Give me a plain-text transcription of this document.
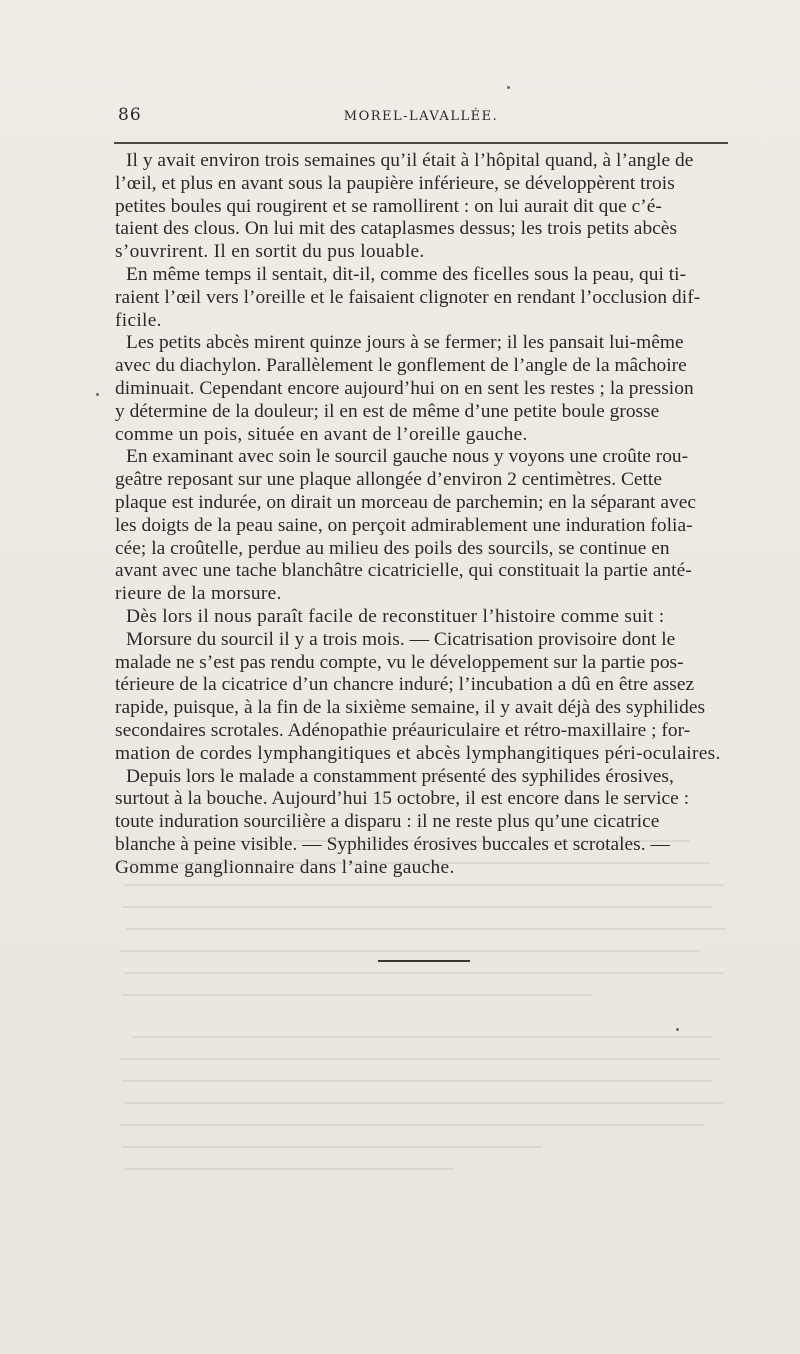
86	MOREL-LAVALLÉE.
Il y avait environ trois semaines qu’il était à l’hôpital quand, à l’angle de
l’œil, et plus en avant sous la paupière inférieure, se développèrent trois
petites boules qui rougirent et se ramollirent : on lui aurait dit que c’é-
taient des clous. On lui mit des cataplasmes dessus; les trois petits abcès
s’ouvrirent. Il en sortit du pus louable.
En même temps il sentait, dit-il, comme des ficelles sous la peau, qui ti-
raient l’œil vers l’oreille et le faisaient clignoter en rendant l’occlusion dif-
ficile.
Les petits abcès mirent quinze jours à se fermer; il les pansait lui-même
avec du diachylon. Parallèlement le gonflement de l’angle de la mâchoire
diminuait. Cependant encore aujourd’hui on en sent les restes ; la pression
y détermine de la douleur; il en est de même d’une petite boule grosse
comme un pois, située en avant de l’oreille gauche.
En examinant avec soin le sourcil gauche nous y voyons une croûte rou-
geâtre reposant sur une plaque allongée d’environ 2 centimètres. Cette
plaque est indurée, on dirait un morceau de parchemin; en la séparant avec
les doigts de la peau saine, on perçoit admirablement une induration folia-
cée; la croûtelle, perdue au milieu des poils des sourcils, se continue en
avant avec une tache blanchâtre cicatricielle, qui constituait la partie anté-
rieure de la morsure.
Dès lors il nous paraît facile de reconstituer l’histoire comme suit :
Morsure du sourcil il y a trois mois. — Cicatrisation provisoire dont le
malade ne s’est pas rendu compte, vu le développement sur la partie pos-
térieure de la cicatrice d’un chancre induré; l’incubation a dû en être assez
rapide, puisque, à la fin de la sixième semaine, il y avait déjà des syphilides
secondaires scrotales. Adénopathie préauriculaire et rétro-maxillaire ; for-
mation de cordes lymphangitiques et abcès lymphangitiques péri-oculaires.
Depuis lors le malade a constamment présenté des syphilides érosives,
surtout à la bouche. Aujourd’hui 15 octobre, il est encore dans le service :
toute induration sourcilière a disparu : il ne reste plus qu’une cicatrice
blanche à peine visible. — Syphilides érosives buccales et scrotales. —
Gomme ganglionnaire dans l’aine gauche.
